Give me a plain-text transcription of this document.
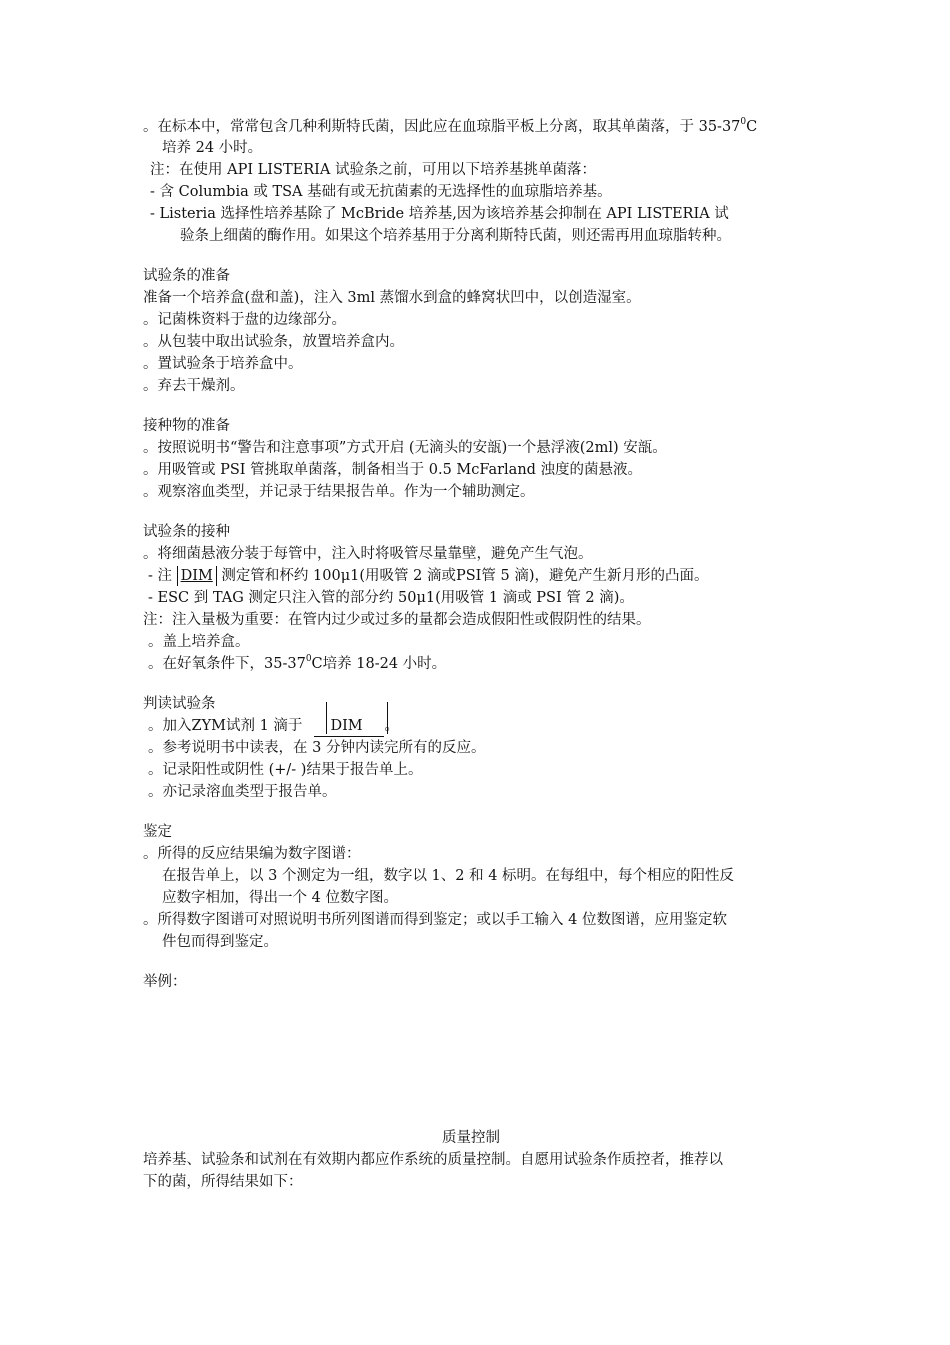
。在标本中，常常包含几种利斯特氏菌，因此应在血琼脂平板上分离，取其单菌落，于 $35-37^0C$
培养 24 小时。
注：在使用 API LISTERIA 试验条之前，可用以下培养基挑单菌落：
- 含 Columbia 或 TSA 基础有或无抗菌素的无选择性的血琼脂培养基。
- Listeria 选择性培养基除了 McBride 培养基,因为该培养基会抑制在 API LISTERIA 试
验条上细菌的酶作用。如果这个培养基用于分离利斯特氏菌，则还需再用血琼脂转种。
试验条的准备
准备一个培养盒(盘和盖)，注入 3ml 蒸馏水到盒的蜂窝状凹中，以创造湿室。
。记菌株资料于盘的边缘部分。
。从包装中取出试验条，放置培养盒内。
。置试验条于培养盒中。
。弃去干燥剂。
接种物的准备
。按照说明书“警告和注意事项”方式开启 (无滴头的安瓿)一个悬浮液(2ml) 安瓿。
。用吸管或 PSI 管挑取单菌落，制备相当于 0.5 McFarland 浊度的菌悬液。
。观察溶血类型，并记录于结果报告单。作为一个辅助测定。
试验条的接种
。将细菌悬液分装于每管中，注入时将吸管尽量靠壁，避免产生气泡。
- 注 DIM 测定管和杯约 100μ1(用吸管 2 滴或PSI管 5 滴)，避免产生新月形的凸面。
- ESC 到 TAG 测定只注入管的部分约 50μ1(用吸管 1 滴或 PSI 管 2 滴)。
注：注入量极为重要：在管内过少或过多的量都会造成假阳性或假阴性的结果。
。盖上培养盒。
。在好氧条件下，$35-37^0C$培养 18-24 小时。
判读试验条
。加入ZYM试剂 1 滴于 DIM 。
。参考说明书中读表，在 3 分钟内读完所有的反应。
。记录阳性或阴性 (+/- )结果于报告单上。
。亦记录溶血类型于报告单。
鉴定
。所得的反应结果编为数字图谱：
在报告单上，以 3 个测定为一组，数字以 1、2 和 4 标明。在每组中，每个相应的阳性反
应数字相加，得出一个 4 位数字图。
。所得数字图谱可对照说明书所列图谱而得到鉴定；或以手工输入 4 位数图谱，应用鉴定软
件包而得到鉴定。
举例：
质量控制
培养基、试验条和试剂在有效期内都应作系统的质量控制。自愿用试验条作质控者，推荐以
下的菌，所得结果如下：
